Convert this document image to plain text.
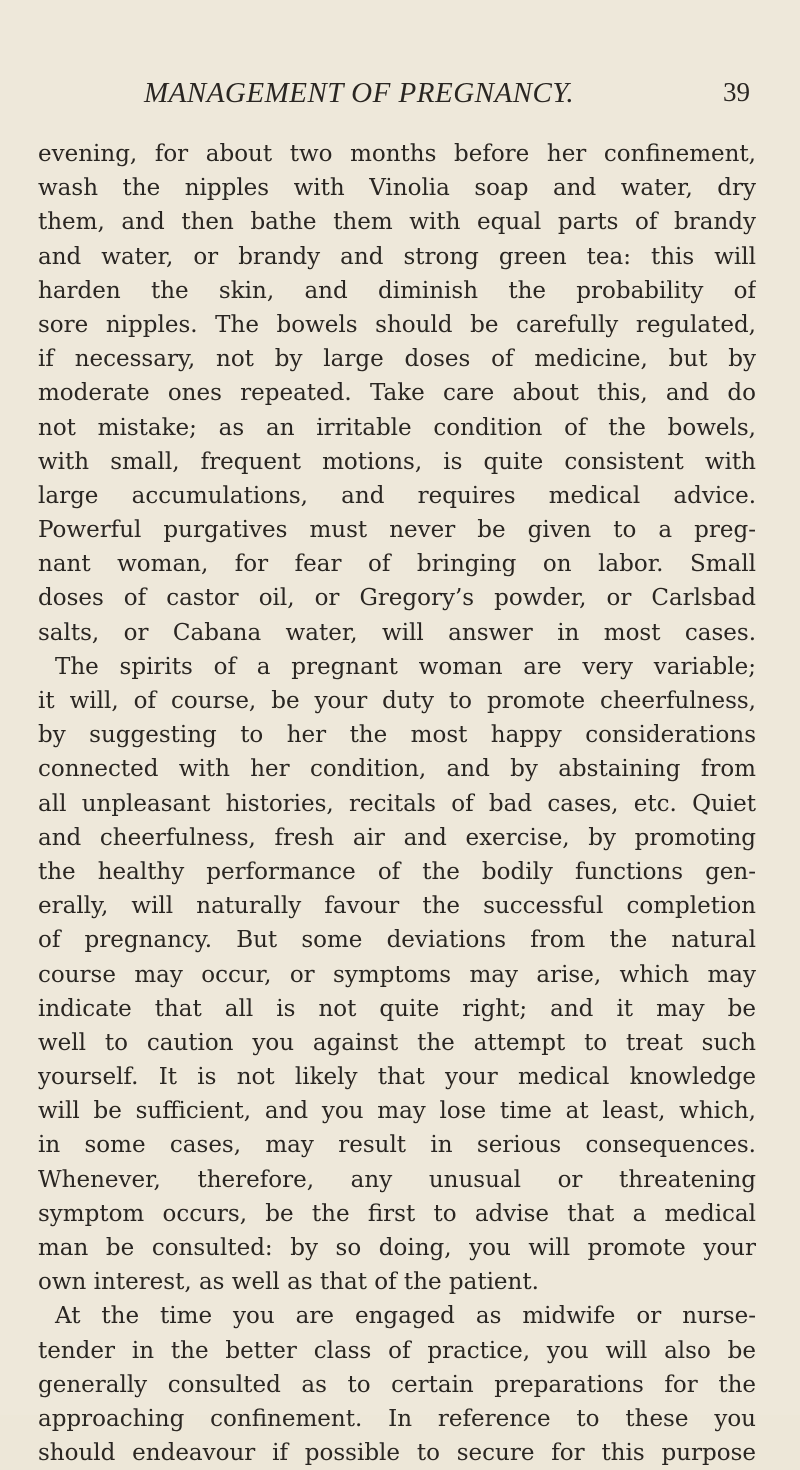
MANAGEMENT OF PREGNANCY.	39
evening, for about two months before her confinement,
wash the nipples with Vinolia soap and water, dry
them, and then bathe them with equal parts of brandy
and water, or brandy and strong green tea: this will
harden the skin, and diminish the probability of
sore nipples. The bowels should be carefully regulated,
if necessary, not by large doses of medicine, but by
moderate ones repeated. Take care about this, and do
not mistake; as an irritable condition of the bowels,
with small, frequent motions, is quite consistent with
large accumulations, and requires medical advice.
Powerful purgatives must never be given to a preg-
nant woman, for fear of bringing on labor. Small
doses of castor oil, or Gregory’s powder, or Carlsbad
salts, or Cabana water, will answer in most cases.
The spirits of a pregnant woman are very variable;
it will, of course, be your duty to promote cheerfulness,
by suggesting to her the most happy considerations
connected with her condition, and by abstaining from
all unpleasant histories, recitals of bad cases, etc. Quiet
and cheerfulness, fresh air and exercise, by promoting
the healthy performance of the bodily functions gen-
erally, will naturally favour the successful completion
of pregnancy. But some deviations from the natural
course may occur, or symptoms may arise, which may
indicate that all is not quite right; and it may be
well to caution you against the attempt to treat such
yourself. It is not likely that your medical knowledge
will be sufficient, and you may lose time at least, which,
in some cases, may result in serious consequences.
Whenever, therefore, any unusual or threatening
symptom occurs, be the first to advise that a medical
man be consulted: by so doing, you will promote your
own interest, as well as that of the patient.
At the time you are engaged as midwife or nurse-
tender in the better class of practice, you will also be
generally consulted as to certain preparations for the
approaching confinement. In reference to these you
should endeavour if possible to secure for this purpose
